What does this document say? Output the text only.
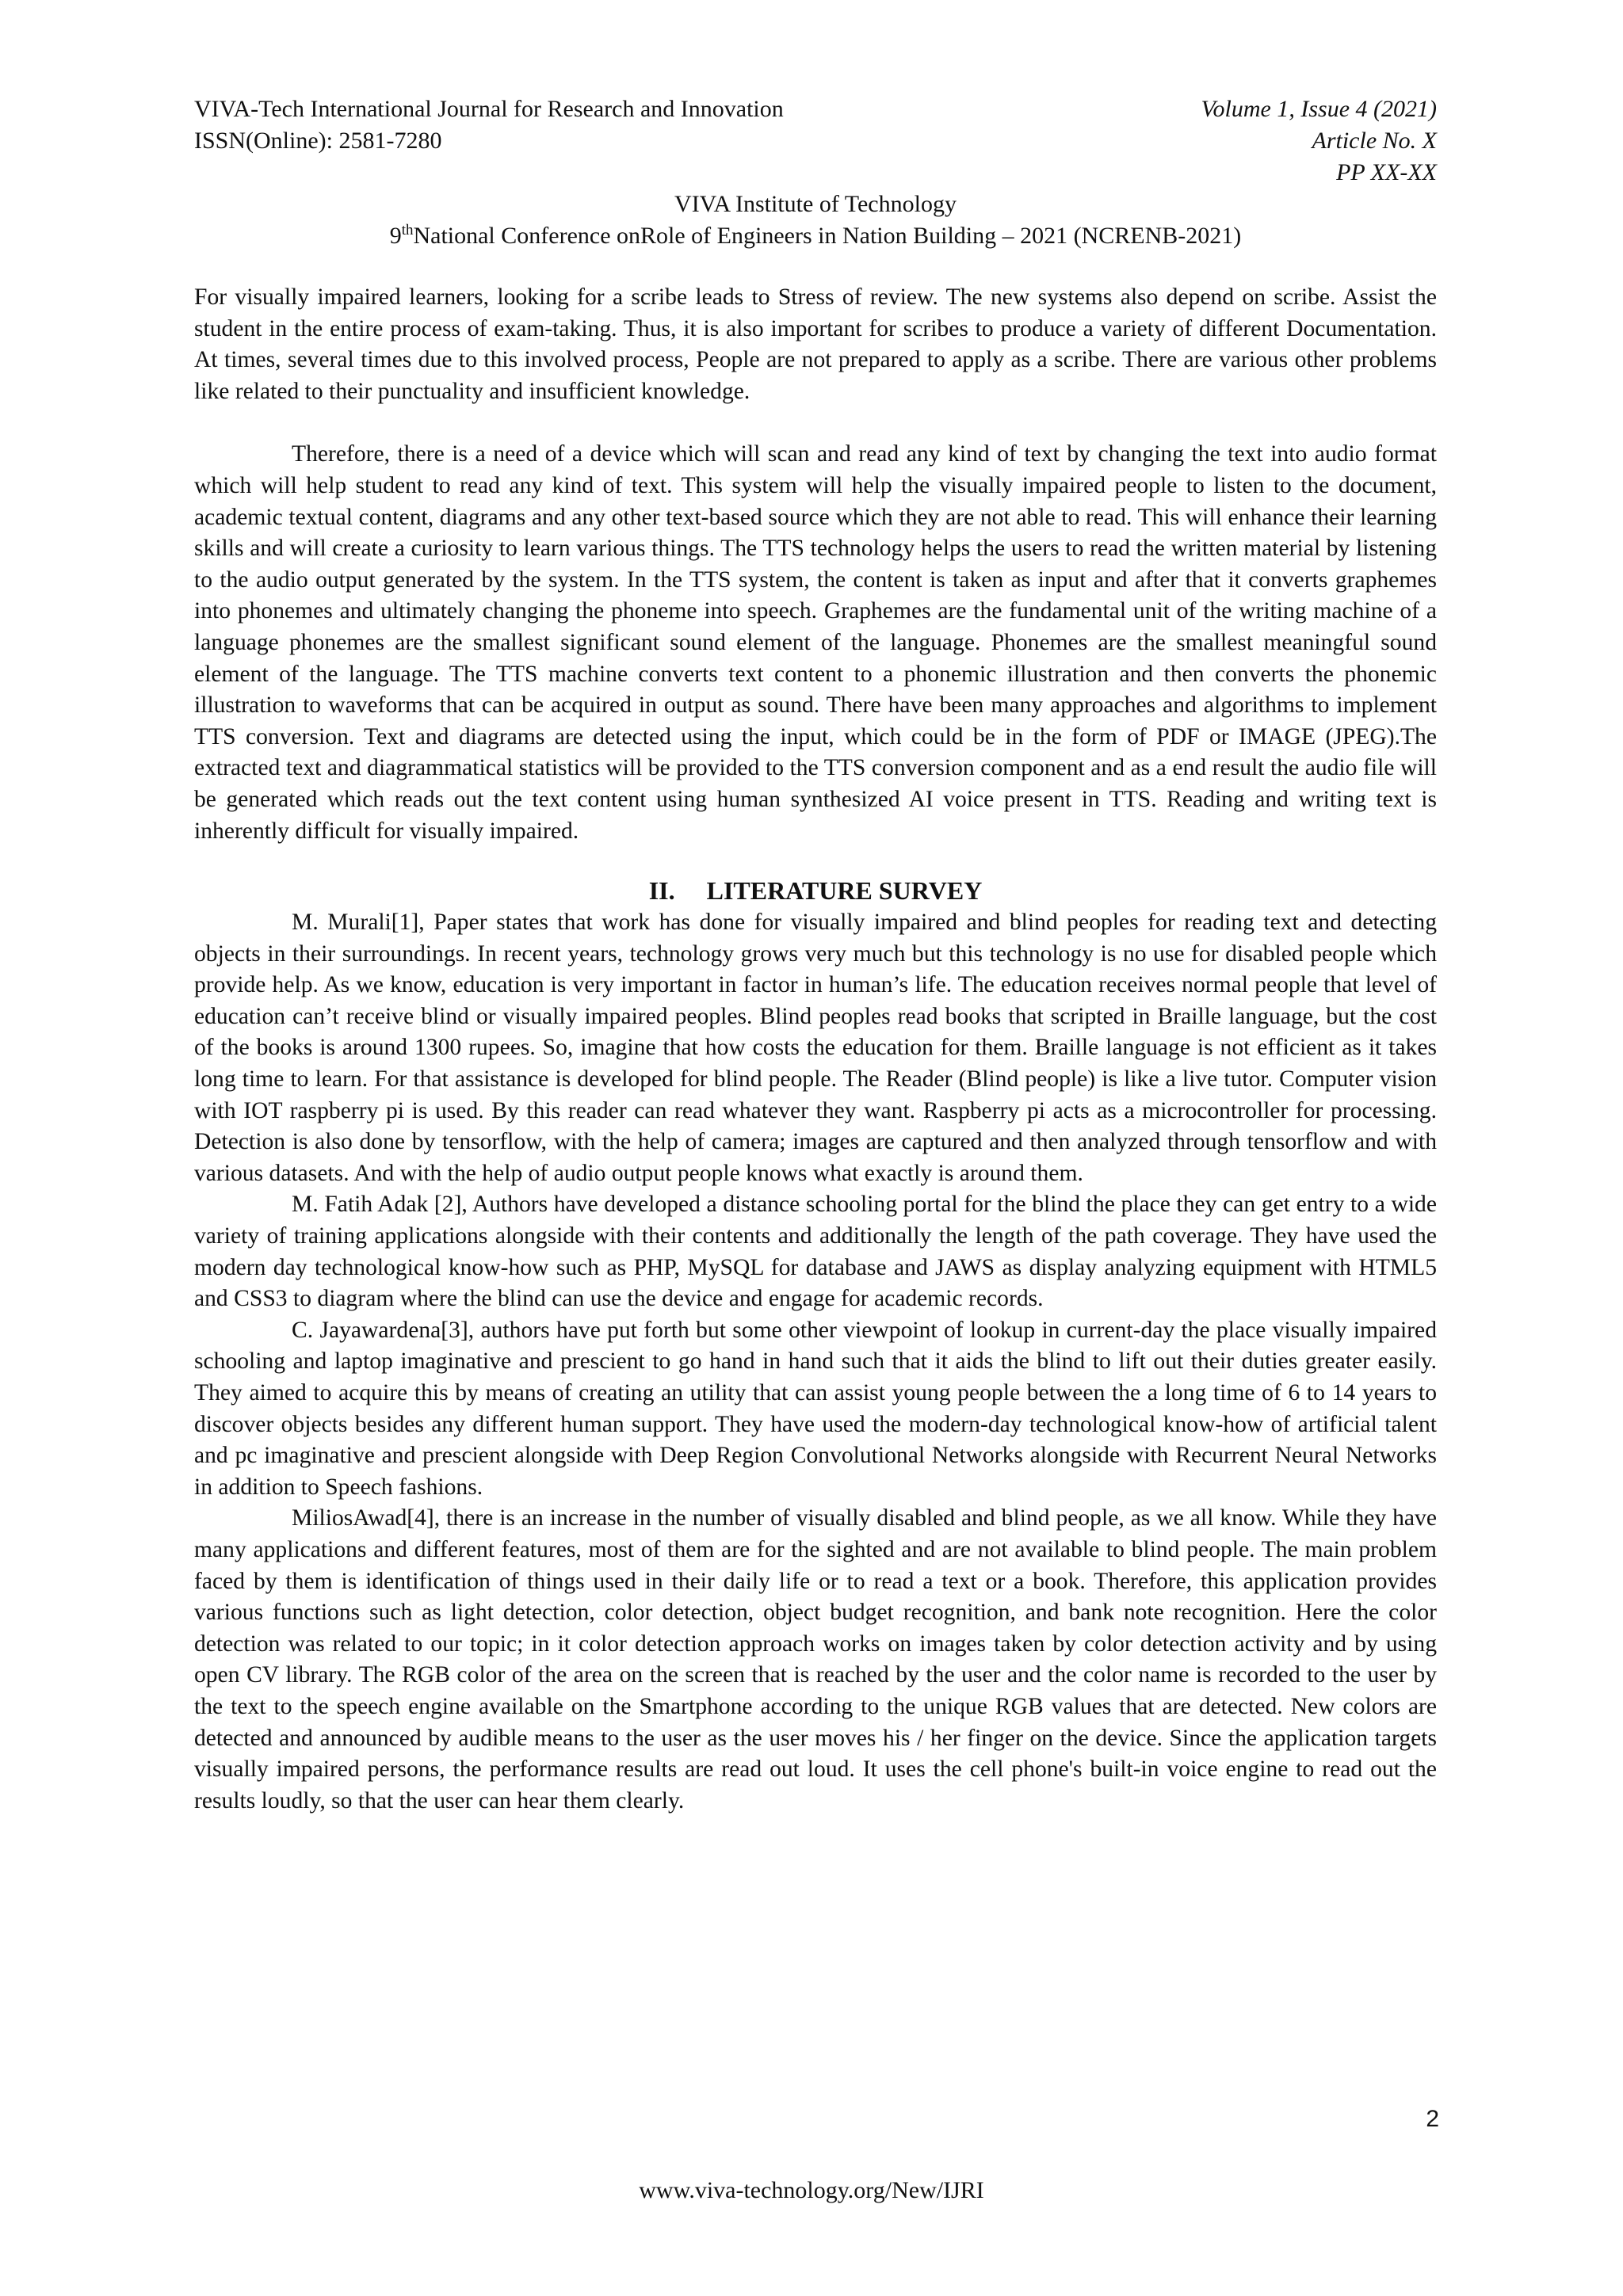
VIVA-Tech International Journal for Research and Innovation	Volume 1, Issue 4 (2021)
ISSN(Online): 2581-7280	Article No. X
PP XX-XX
VIVA Institute of Technology
9thNational Conference onRole of Engineers in Nation Building – 2021 (NCRENB-2021)

For visually impaired learners, looking for a scribe leads to Stress of review. The new systems also depend on scribe. Assist the student in the entire process of exam-taking. Thus, it is also important for scribes to produce a variety of different Documentation. At times, several times due to this involved process, People are not prepared to apply as a scribe. There are various other problems like related to their punctuality and insufficient knowledge.

Therefore, there is a need of a device which will scan and read any kind of text by changing the text into audio format which will help student to read any kind of text. This system will help the visually impaired people to listen to the document, academic textual content, diagrams and any other text-based source which they are not able to read. This will enhance their learning skills and will create a curiosity to learn various things. The TTS technology helps the users to read the written material by listening to the audio output generated by the system. In the TTS system, the content is taken as input and after that it converts graphemes into phonemes and ultimately changing the phoneme into speech. Graphemes are the fundamental unit of the writing machine of a language phonemes are the smallest significant sound element of the language. Phonemes are the smallest meaningful sound element of the language. The TTS machine converts text content to a phonemic illustration and then converts the phonemic illustration to waveforms that can be acquired in output as sound. There have been many approaches and algorithms to implement TTS conversion. Text and diagrams are detected using the input, which could be in the form of PDF or IMAGE (JPEG).The extracted text and diagrammatical statistics will be provided to the TTS conversion component and as a end result the audio file will be generated which reads out the text content using human synthesized AI voice present in TTS. Reading and writing text is inherently difficult for visually impaired.

II. LITERATURE SURVEY

M. Murali[1], Paper states that work has done for visually impaired and blind peoples for reading text and detecting objects in their surroundings. In recent years, technology grows very much but this technology is no use for disabled people which provide help. As we know, education is very important in factor in human’s life. The education receives normal people that level of education can’t receive blind or visually impaired peoples. Blind peoples read books that scripted in Braille language, but the cost of the books is around 1300 rupees. So, imagine that how costs the education for them. Braille language is not efficient as it takes long time to learn. For that assistance is developed for blind people. The Reader (Blind people) is like a live tutor. Computer vision with IOT raspberry pi is used. By this reader can read whatever they want. Raspberry pi acts as a microcontroller for processing. Detection is also done by tensorflow, with the help of camera; images are captured and then analyzed through tensorflow and with various datasets. And with the help of audio output people knows what exactly is around them.

M. Fatih Adak [2], Authors have developed a distance schooling portal for the blind the place they can get entry to a wide variety of training applications alongside with their contents and additionally the length of the path coverage. They have used the modern day technological know-how such as PHP, MySQL for database and JAWS as display analyzing equipment with HTML5 and CSS3 to diagram where the blind can use the device and engage for academic records.

C. Jayawardena[3], authors have put forth but some other viewpoint of lookup in current-day the place visually impaired schooling and laptop imaginative and prescient to go hand in hand such that it aids the blind to lift out their duties greater easily. They aimed to acquire this by means of creating an utility that can assist young people between the a long time of 6 to 14 years to discover objects besides any different human support. They have used the modern-day technological know-how of artificial talent and pc imaginative and prescient alongside with Deep Region Convolutional Networks alongside with Recurrent Neural Networks in addition to Speech fashions.

MiliosAwad[4], there is an increase in the number of visually disabled and blind people, as we all know. While they have many applications and different features, most of them are for the sighted and are not available to blind people. The main problem faced by them is identification of things used in their daily life or to read a text or a book. Therefore, this application provides various functions such as light detection, color detection, object budget recognition, and bank note recognition. Here the color detection was related to our topic; in it color detection approach works on images taken by color detection activity and by using open CV library. The RGB color of the area on the screen that is reached by the user and the color name is recorded to the user by the text to the speech engine available on the Smartphone according to the unique RGB values that are detected. New colors are detected and announced by audible means to the user as the user moves his / her finger on the device. Since the application targets visually impaired persons, the performance results are read out loud. It uses the cell phone's built-in voice engine to read out the results loudly, so that the user can hear them clearly.

2
www.viva-technology.org/New/IJRI
